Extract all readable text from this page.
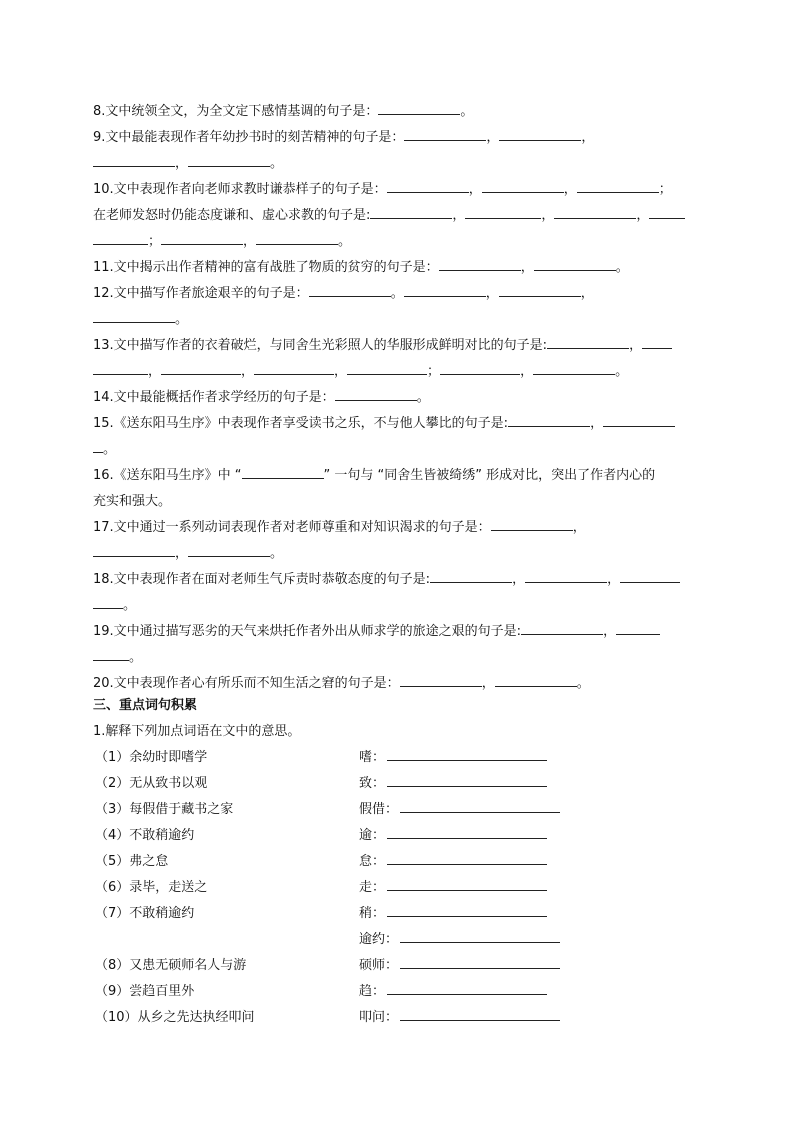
8.文中统领全文，为全文定下感情基调的句子是：	。
9.文中最能表现作者年幼抄书时的刻苦精神的句子是：	，	，
，	。
10.文中表现作者向老师求教时谦恭样子的句子是：	，	，	；
在老师发怒时仍能态度谦和、虚心求教的句子是:	，	，	，
；	，	。
11.文中揭示出作者精神的富有战胜了物质的贫穷的句子是：	，	。
12.文中描写作者旅途艰辛的句子是：	。	，	，
。
13.文中描写作者的衣着破烂，与同舍生光彩照人的华服形成鲜明对比的句子是:	，
，	，	，	；	，	。
14.文中最能概括作者求学经历的句子是：	。
15.《送东阳马生序》中表现作者享受读书之乐，不与他人攀比的句子是:	，
。
16.《送东阳马生序》中 “	” 一句与 “同舍生皆被绮绣” 形成对比，突出了作者内心的
充实和强大。
17.文中通过一系列动词表现作者对老师尊重和对知识渴求的句子是：	，
，	。
18.文中表现作者在面对老师生气斥责时恭敬态度的句子是:	，	，
。
19.文中通过描写恶劣的天气来烘托作者外出从师求学的旅途之艰的句子是:	，
。
20.文中表现作者心有所乐而不知生活之窘的句子是：	，	。
三、重点词句积累
1.解释下列加点词语在文中的意思。
（1）余幼时即嗜学	嗜：
（2）无从致书以观	致：
（3）每假借于藏书之家	假借：
（4）不敢稍逾约	逾：
（5）弗之怠	怠：
（6）录毕，走送之	走：
（7）不敢稍逾约	稍：
逾约：
（8）又患无硕师名人与游	硕师：
（9）尝趋百里外	趋：
（10）从乡之先达执经叩问	叩问：
